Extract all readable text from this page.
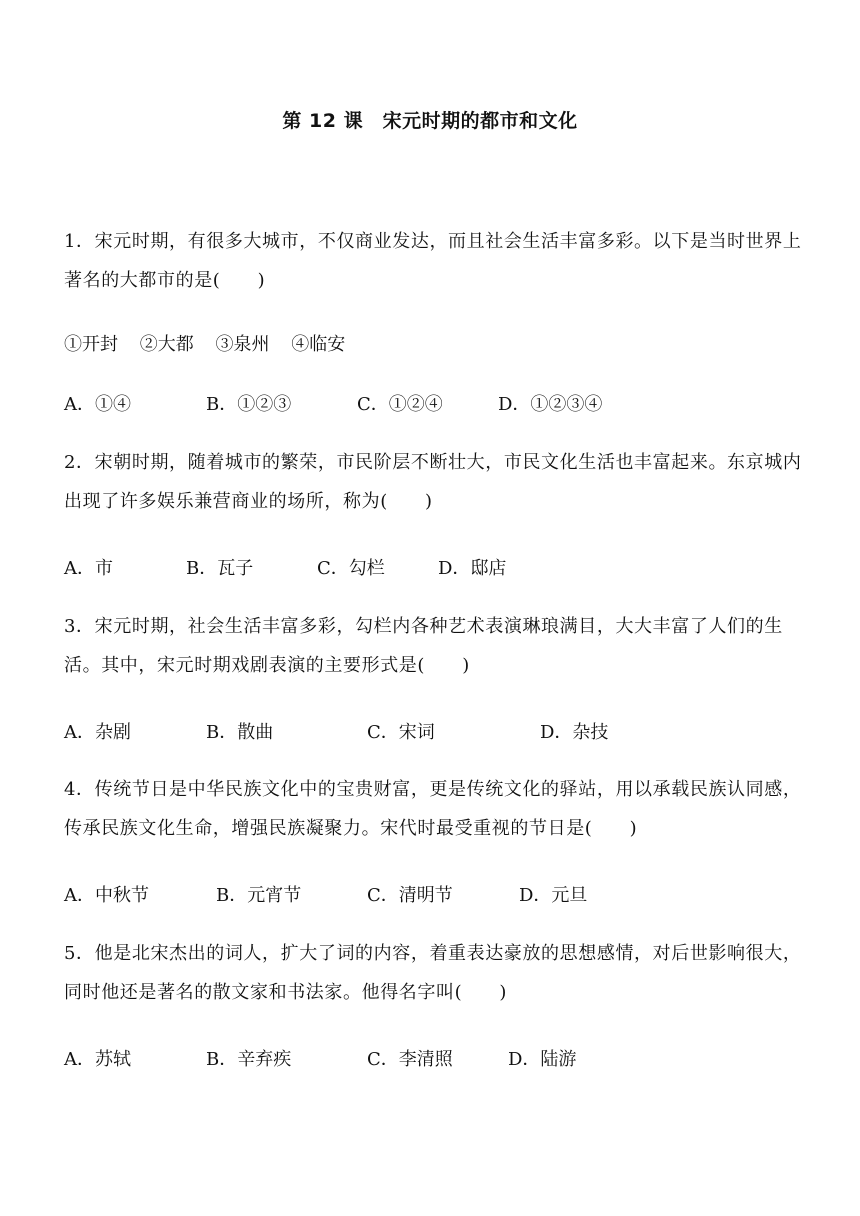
第 12 课　宋元时期的都市和文化
1．宋元时期，有很多大城市，不仅商业发达，而且社会生活丰富多彩。以下是当时世界上著名的大都市的是(　　)
①开封 ②大都 ③泉州 ④临安
A．①④	B．①②③	C．①②④	D．①②③④
2．宋朝时期，随着城市的繁荣，市民阶层不断壮大，市民文化生活也丰富起来。东京城内出现了许多娱乐兼营商业的场所，称为(　　)
A．市	B．瓦子	C．勾栏	D．邸店
3．宋元时期，社会生活丰富多彩，勾栏内各种艺术表演琳琅满目，大大丰富了人们的生活。其中，宋元时期戏剧表演的主要形式是(　　)
A．杂剧	B．散曲	C．宋词	D．杂技
4．传统节日是中华民族文化中的宝贵财富，更是传统文化的驿站，用以承载民族认同感，传承民族文化生命，增强民族凝聚力。宋代时最受重视的节日是(　　)
A．中秋节	B．元宵节	C．清明节	D．元旦
5．他是北宋杰出的词人，扩大了词的内容，着重表达豪放的思想感情，对后世影响很大，同时他还是著名的散文家和书法家。他得名字叫(　　)
A．苏轼	B．辛弃疾	C．李清照	D．陆游
